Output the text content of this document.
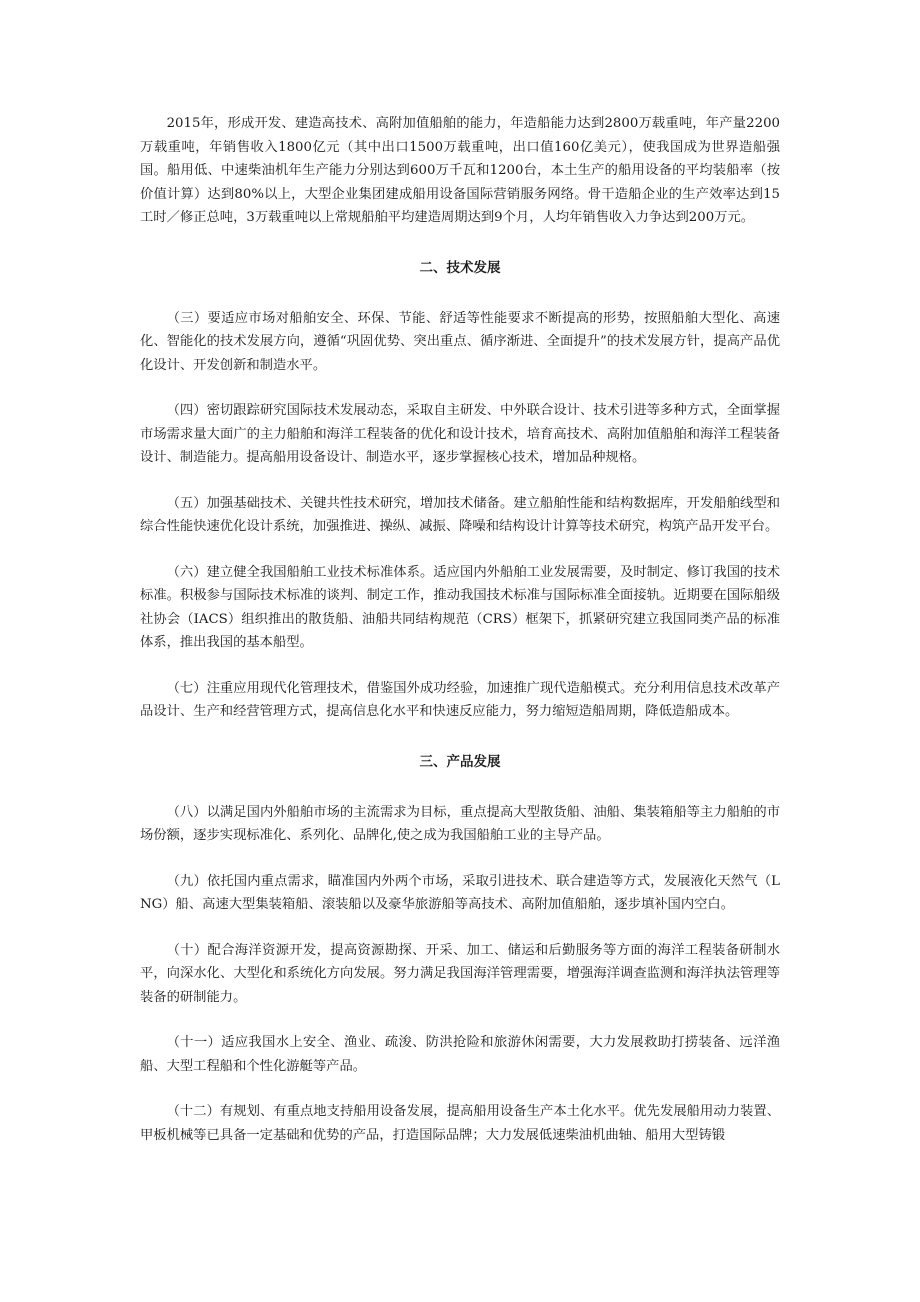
2015年，形成开发、建造高技术、高附加值船舶的能力，年造船能力达到2800万载重吨，年产量2200万载重吨，年销售收入1800亿元（其中出口1500万载重吨，出口值160亿美元），使我国成为世界造船强国。船用低、中速柴油机年生产能力分别达到600万千瓦和1200台，本土生产的船用设备的平均装船率（按价值计算）达到80%以上，大型企业集团建成船用设备国际营销服务网络。骨干造船企业的生产效率达到15工时／修正总吨，3万载重吨以上常规船舶平均建造周期达到9个月，人均年销售收入力争达到200万元。

二、技术发展

（三）要适应市场对船舶安全、环保、节能、舒适等性能要求不断提高的形势，按照船舶大型化、高速化、智能化的技术发展方向，遵循“巩固优势、突出重点、循序渐进、全面提升”的技术发展方针，提高产品优化设计、开发创新和制造水平。

（四）密切跟踪研究国际技术发展动态，采取自主研发、中外联合设计、技术引进等多种方式，全面掌握市场需求量大面广的主力船舶和海洋工程装备的优化和设计技术，培育高技术、高附加值船舶和海洋工程装备设计、制造能力。提高船用设备设计、制造水平，逐步掌握核心技术，增加品种规格。

（五）加强基础技术、关键共性技术研究，增加技术储备。建立船舶性能和结构数据库，开发船舶线型和综合性能快速优化设计系统，加强推进、操纵、减振、降噪和结构设计计算等技术研究，构筑产品开发平台。

（六）建立健全我国船舶工业技术标准体系。适应国内外船舶工业发展需要，及时制定、修订我国的技术标准。积极参与国际技术标准的谈判、制定工作，推动我国技术标准与国际标准全面接轨。近期要在国际船级社协会（IACS）组织推出的散货船、油船共同结构规范（CRS）框架下，抓紧研究建立我国同类产品的标准体系，推出我国的基本船型。

（七）注重应用现代化管理技术，借鉴国外成功经验，加速推广现代造船模式。充分利用信息技术改革产品设计、生产和经营管理方式，提高信息化水平和快速反应能力，努力缩短造船周期，降低造船成本。

三、产品发展

（八）以满足国内外船舶市场的主流需求为目标，重点提高大型散货船、油船、集装箱船等主力船舶的市场份额，逐步实现标准化、系列化、品牌化,使之成为我国船舶工业的主导产品。

（九）依托国内重点需求，瞄准国内外两个市场，采取引进技术、联合建造等方式，发展液化天然气（LNG）船、高速大型集装箱船、滚装船以及豪华旅游船等高技术、高附加值船舶，逐步填补国内空白。

（十）配合海洋资源开发，提高资源勘探、开采、加工、储运和后勤服务等方面的海洋工程装备研制水平，向深水化、大型化和系统化方向发展。努力满足我国海洋管理需要，增强海洋调查监测和海洋执法管理等装备的研制能力。

（十一）适应我国水上安全、渔业、疏浚、防洪抢险和旅游休闲需要，大力发展救助打捞装备、远洋渔船、大型工程船和个性化游艇等产品。

（十二）有规划、有重点地支持船用设备发展，提高船用设备生产本土化水平。优先发展船用动力装置、甲板机械等已具备一定基础和优势的产品，打造国际品牌；大力发展低速柴油机曲轴、船用大型铸锻
